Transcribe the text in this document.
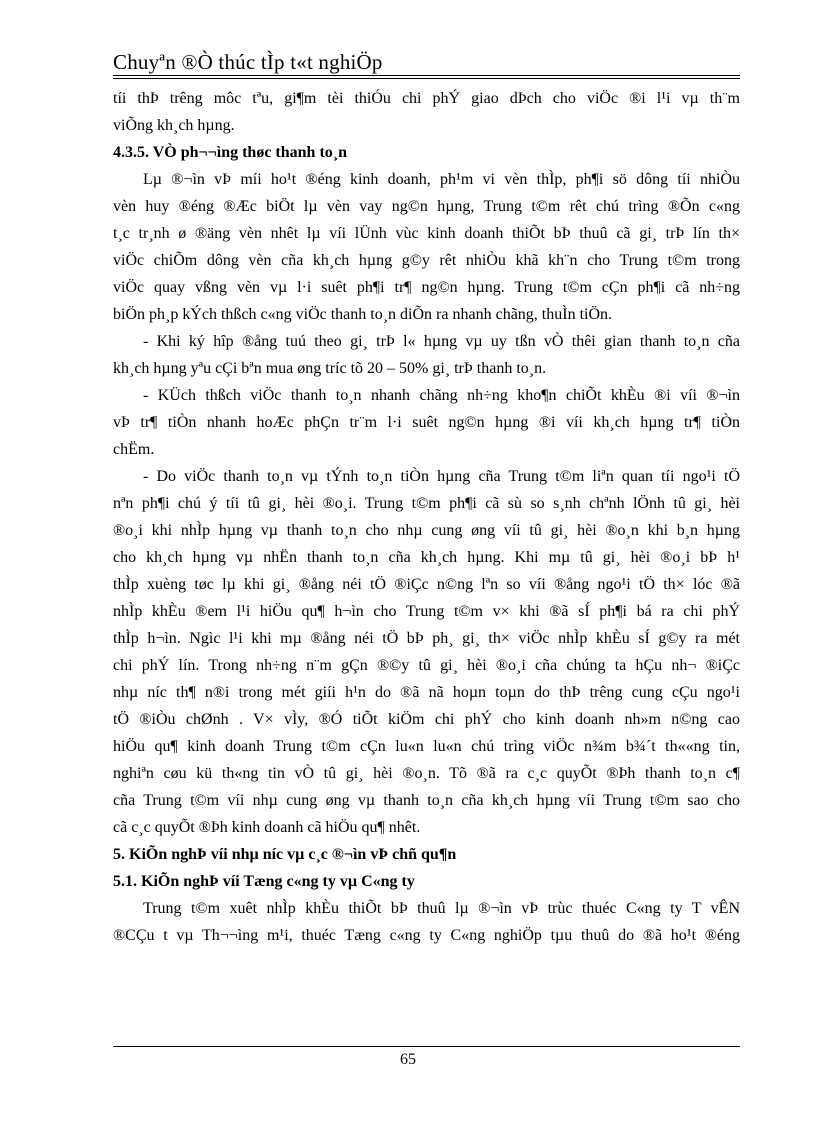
Chuyªn ®Ò thúc tÌp t«t nghiÖp
tíi thÞ trêng môc tªu, gi¶m tèi thiÓu chi phÝ giao dÞch cho viÖc ®i l¹i vµ th¨m
viÕng kh¸ch hµng.
4.3.5. VÒ ph¬¬ìng thøc thanh to¸n
Lµ ®¬ìn vÞ míi ho¹t ®éng kinh doanh, ph¹m vi vèn thÌp, ph¶i sö dông tíi nhiÒu
vèn huy ®éng ®Æc biÖt lµ vèn vay ng©n hµng, Trung t©m rêt chú trìng ®Õn c«ng
t¸c tr¸nh ø ®äng vèn nhêt lµ víi lÜnh vùc kinh doanh thiÕt bÞ thuû cã gi¸ trÞ lín th×
viÖc chiÕm dông vèn cña kh¸ch hµng g©y rêt nhiÒu khã kh¨n cho Trung t©m trong
viÖc quay vßng vèn vµ l·i suêt ph¶i tr¶ ng©n hµng. Trung t©m cÇn ph¶i cã nh÷ng
biÖn ph¸p kÝch thßch c«ng viÖc thanh to¸n diÕn ra nhanh chãng, thuÌn tiÖn.
- Khi ký hîp ®ång tuú theo gi¸ trÞ l« hµng vµ uy tßn vÒ thêi gian thanh to¸n cña
kh¸ch hµng yªu cÇi bªn mua øng tríc tõ 20 – 50% gi¸ trÞ thanh to¸n.
- KÜch thßch viÖc thanh to¸n nhanh chãng nh÷ng kho¶n chiÕt khÈu ®i víi ®¬ìn
vÞ tr¶ tiÒn nhanh hoÆc phÇn tr¨m l·i suêt ng©n hµng ®i víi kh¸ch hµng tr¶ tiÒn
chËm.
- Do viÖc thanh to¸n vµ tÝnh to¸n tiÒn hµng cña Trung t©m liªn quan tíi ngo¹i tÖ
nªn ph¶i chú ý tíi tû gi¸ hèi ®o¸i. Trung t©m ph¶i cã sù so s¸nh chªnh lÖnh tû gi¸ hèi
®o¸i khi nhÌp hµng vµ thanh to¸n cho nhµ cung øng víi tû gi¸ hèi ®o¸n khi b¸n hµng
cho kh¸ch hµng vµ nhËn thanh to¸n cña kh¸ch hµng. Khi mµ tû gi¸ hèi ®o¸i bÞ h¹
thÌp xuèng tøc lµ khi gi¸ ®ång néi tÖ ®iÇc n©ng lªn so víi ®ång ngo¹i tÖ th× lóc ®ã
nhÌp khÈu ®em l¹i hiÖu qu¶ h¬ìn cho Trung t©m v× khi ®ã sÍ ph¶i bá ra chi phÝ
thÌp h¬ìn. Ngìc l¹i khi mµ ®ång néi tÖ bÞ ph¸ gi¸ th× viÖc nhÌp khÈu sÍ g©y ra mét
chi phÝ lín. Trong nh÷ng n¨m gÇn ®©y tû gi¸ hèi ®o¸i cña chúng ta hÇu nh¬ ®iÇc
nhµ níc th¶ n®i trong mét giíi h¹n do ®ã nã hoµn toµn do thÞ trêng cung cÇu ngo¹i
tÖ ®iÒu chØnh . V× vÌy, ®Ó tiÕt kiÖm chi phÝ cho kinh doanh nh»m n©ng cao
hiÖu qu¶ kinh doanh Trung t©m cÇn lu«n lu«n chú trìng viÖc n¾m b¾´t th««ng tin,
nghiªn cøu kü th«ng tin vÒ tû gi¸ hèi ®o¸n. Tõ ®ã ra c¸c quyÕt ®Þh thanh to¸n c¶
cña Trung t©m víi nhµ cung øng vµ thanh to¸n cña kh¸ch hµng víi Trung t©m sao cho
cã c¸c quyÕt ®Þh kinh doanh cã hiÖu qu¶ nhêt.
5. KiÕn nghÞ víi nhµ níc vµ c¸c ®¬ìn vÞ chñ qu¶n
5.1. KiÕn nghÞ víi Tæng c«ng ty vµ C«ng ty
Trung t©m xuêt nhÌp khÈu thiÕt bÞ thuû lµ ®¬ìn vÞ trùc thuéc C«ng ty T vÊN
®CÇu t vµ Th¬¬ìng m¹i, thuéc Tæng c«ng ty C«ng nghiÖp tµu thuû do ®ã ho¹t ®éng
65
